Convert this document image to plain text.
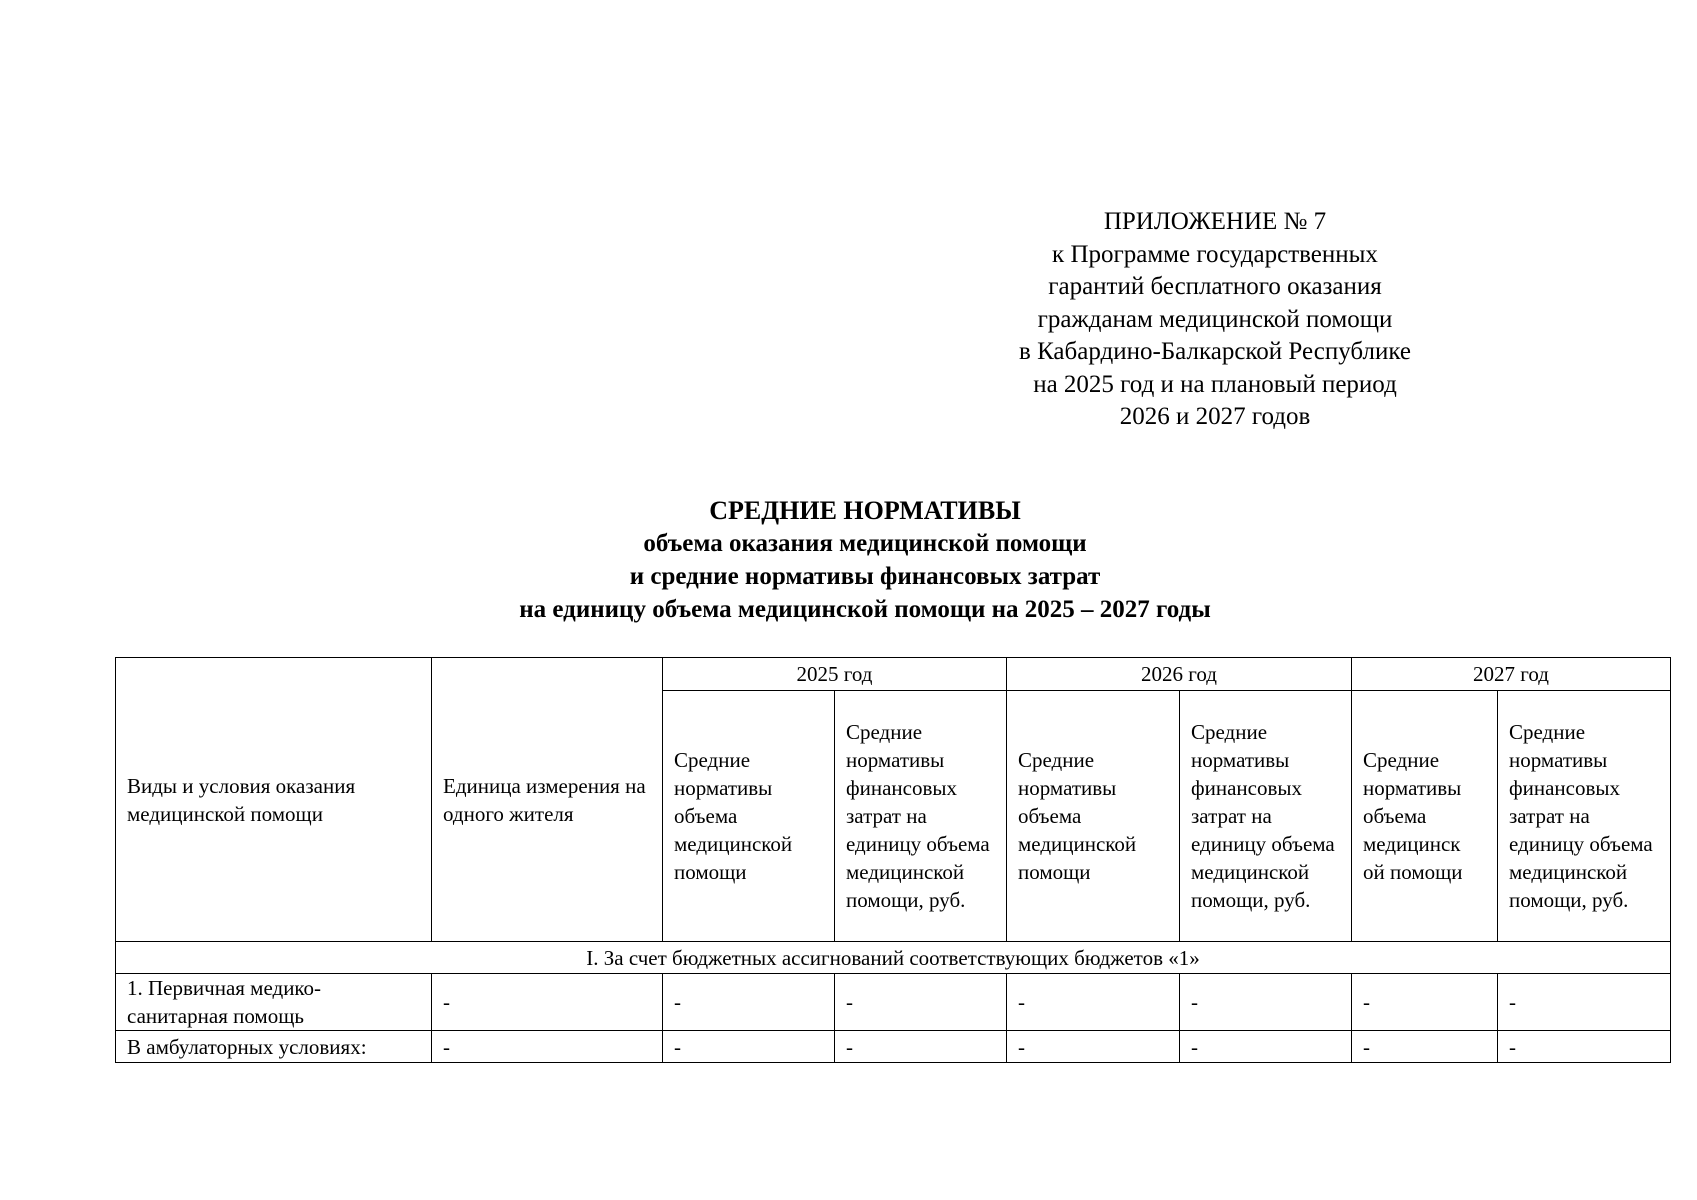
ПРИЛОЖЕНИЕ № 7
к Программе государственных
гарантий бесплатного оказания
гражданам медицинской помощи
в Кабардино-Балкарской Республике
на 2025 год и на плановый период
2026 и 2027 годов
СРЕДНИЕ НОРМАТИВЫ
объема оказания медицинской помощи
и средние нормативы финансовых затрат
на единицу объема медицинской помощи на 2025 – 2027 годы
Виды и условия оказания медицинской помощи	Единица измерения на одного жителя	2025 год		2026 год		2027 год	
		Средние нормативы объема медицинской помощи	Средние нормативы финансовых затрат на единицу объема медицинской помощи, руб.	Средние нормативы объема медицинской помощи	Средние нормативы финансовых затрат на единицу объема медицинской помощи, руб.	Средние нормативы объема медицинск ой помощи	Средние нормативы финансовых затрат на единицу объема медицинской помощи, руб.
I. За счет бюджетных ассигнований соответствующих бюджетов «1»							
1. Первичная медико-санитарная помощь	-	-	-	-	-	-	-
В амбулаторных условиях:	-	-	-	-	-	-	-
